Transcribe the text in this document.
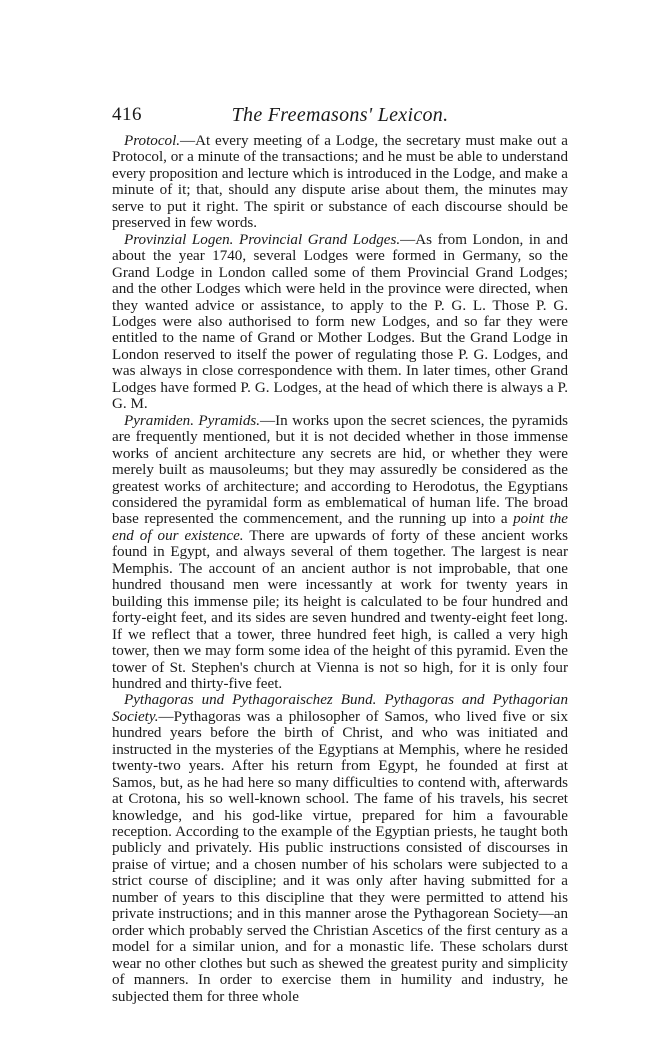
416	The Freemasons' Lexicon.

Protocol.—At every meeting of a Lodge, the secretary must make out a Protocol, or a minute of the transactions; and he must be able to understand every proposition and lecture which is introduced in the Lodge, and make a minute of it; that, should any dispute arise about them, the minutes may serve to put it right. The spirit or substance of each discourse should be preserved in few words.

Provinzial Logen. Provincial Grand Lodges.—As from London, in and about the year 1740, several Lodges were formed in Germany, so the Grand Lodge in London called some of them Provincial Grand Lodges; and the other Lodges which were held in the province were directed, when they wanted advice or assistance, to apply to the P. G. L. Those P. G. Lodges were also authorised to form new Lodges, and so far they were entitled to the name of Grand or Mother Lodges. But the Grand Lodge in London reserved to itself the power of regulating those P. G. Lodges, and was always in close correspondence with them. In later times, other Grand Lodges have formed P. G. Lodges, at the head of which there is always a P. G. M.

Pyramiden. Pyramids.—In works upon the secret sciences, the pyramids are frequently mentioned, but it is not decided whether in those immense works of ancient architecture any secrets are hid, or whether they were merely built as mausoleums; but they may assuredly be considered as the greatest works of architecture; and according to Herodotus, the Egyptians considered the pyramidal form as emblematical of human life. The broad base represented the commencement, and the running up into a point the end of our existence. There are upwards of forty of these ancient works found in Egypt, and always several of them together. The largest is near Memphis. The account of an ancient author is not improbable, that one hundred thousand men were incessantly at work for twenty years in building this immense pile; its height is calculated to be four hundred and forty-eight feet, and its sides are seven hundred and twenty-eight feet long. If we reflect that a tower, three hundred feet high, is called a very high tower, then we may form some idea of the height of this pyramid. Even the tower of St. Stephen's church at Vienna is not so high, for it is only four hundred and thirty-five feet.

Pythagoras und Pythagoraischez Bund. Pythagoras and Pythagorian Society.—Pythagoras was a philosopher of Samos, who lived five or six hundred years before the birth of Christ, and who was initiated and instructed in the mysteries of the Egyptians at Memphis, where he resided twenty-two years. After his return from Egypt, he founded at first at Samos, but, as he had here so many difficulties to contend with, afterwards at Crotona, his so well-known school. The fame of his travels, his secret knowledge, and his god-like virtue, prepared for him a favourable reception. According to the example of the Egyptian priests, he taught both publicly and privately. His public instructions consisted of discourses in praise of virtue; and a chosen number of his scholars were subjected to a strict course of discipline; and it was only after having submitted for a number of years to this discipline that they were permitted to attend his private instructions; and in this manner arose the Pythagorean Society—an order which probably served the Christian Ascetics of the first century as a model for a similar union, and for a monastic life. These scholars durst wear no other clothes but such as shewed the greatest purity and simplicity of manners. In order to exercise them in humility and industry, he subjected them for three whole
